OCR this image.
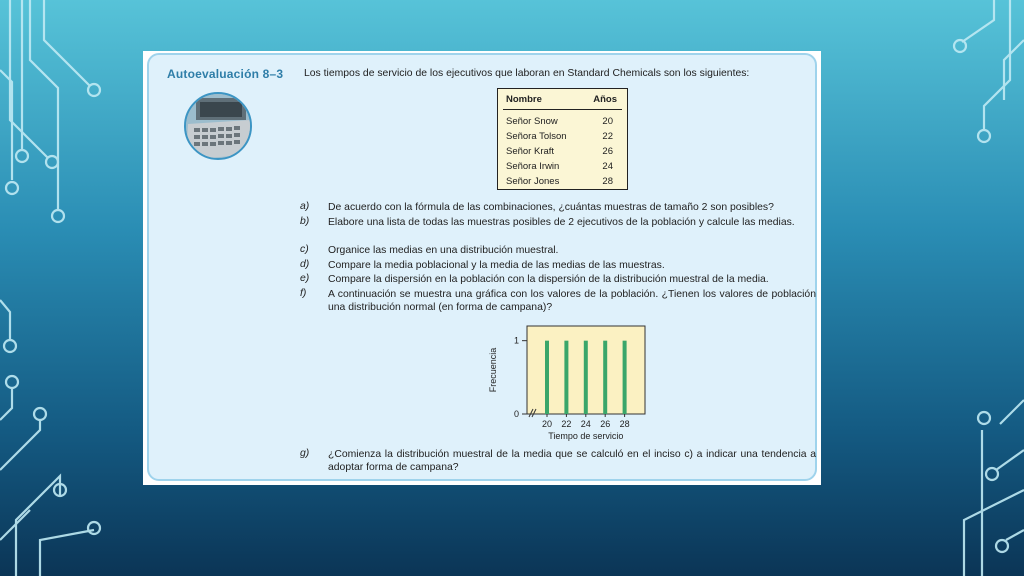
Autoevaluación 8–3 Los tiempos de servicio de los ejecutivos que laboran en Standard Chemicals son los siguientes:
Nombre	Años
Señor Snow	20
Señora Tolson	22
Señor Kraft	26
Señora Irwin	24
Señor Jones	28
a) De acuerdo con la fórmula de las combinaciones, ¿cuántas muestras de tamaño 2 son posibles?
b) Elabore una lista de todas las muestras posibles de 2 ejecutivos de la población y calcule las medias.
c) Organice las medias en una distribución muestral.
d) Compare la media poblacional y la media de las medias de las muestras.
e) Compare la dispersión en la población con la dispersión de la distribución muestral de la media.
f) A continuación se muestra una gráfica con los valores de la población. ¿Tienen los valores de población una distribución normal (en forma de campana)?
0
1
20 22 24 26 28
Tiempo de servicio
Frecuencia
g) ¿Comienza la distribución muestral de la media que se calculó en el inciso c) a indicar una tendencia a adoptar forma de campana?
